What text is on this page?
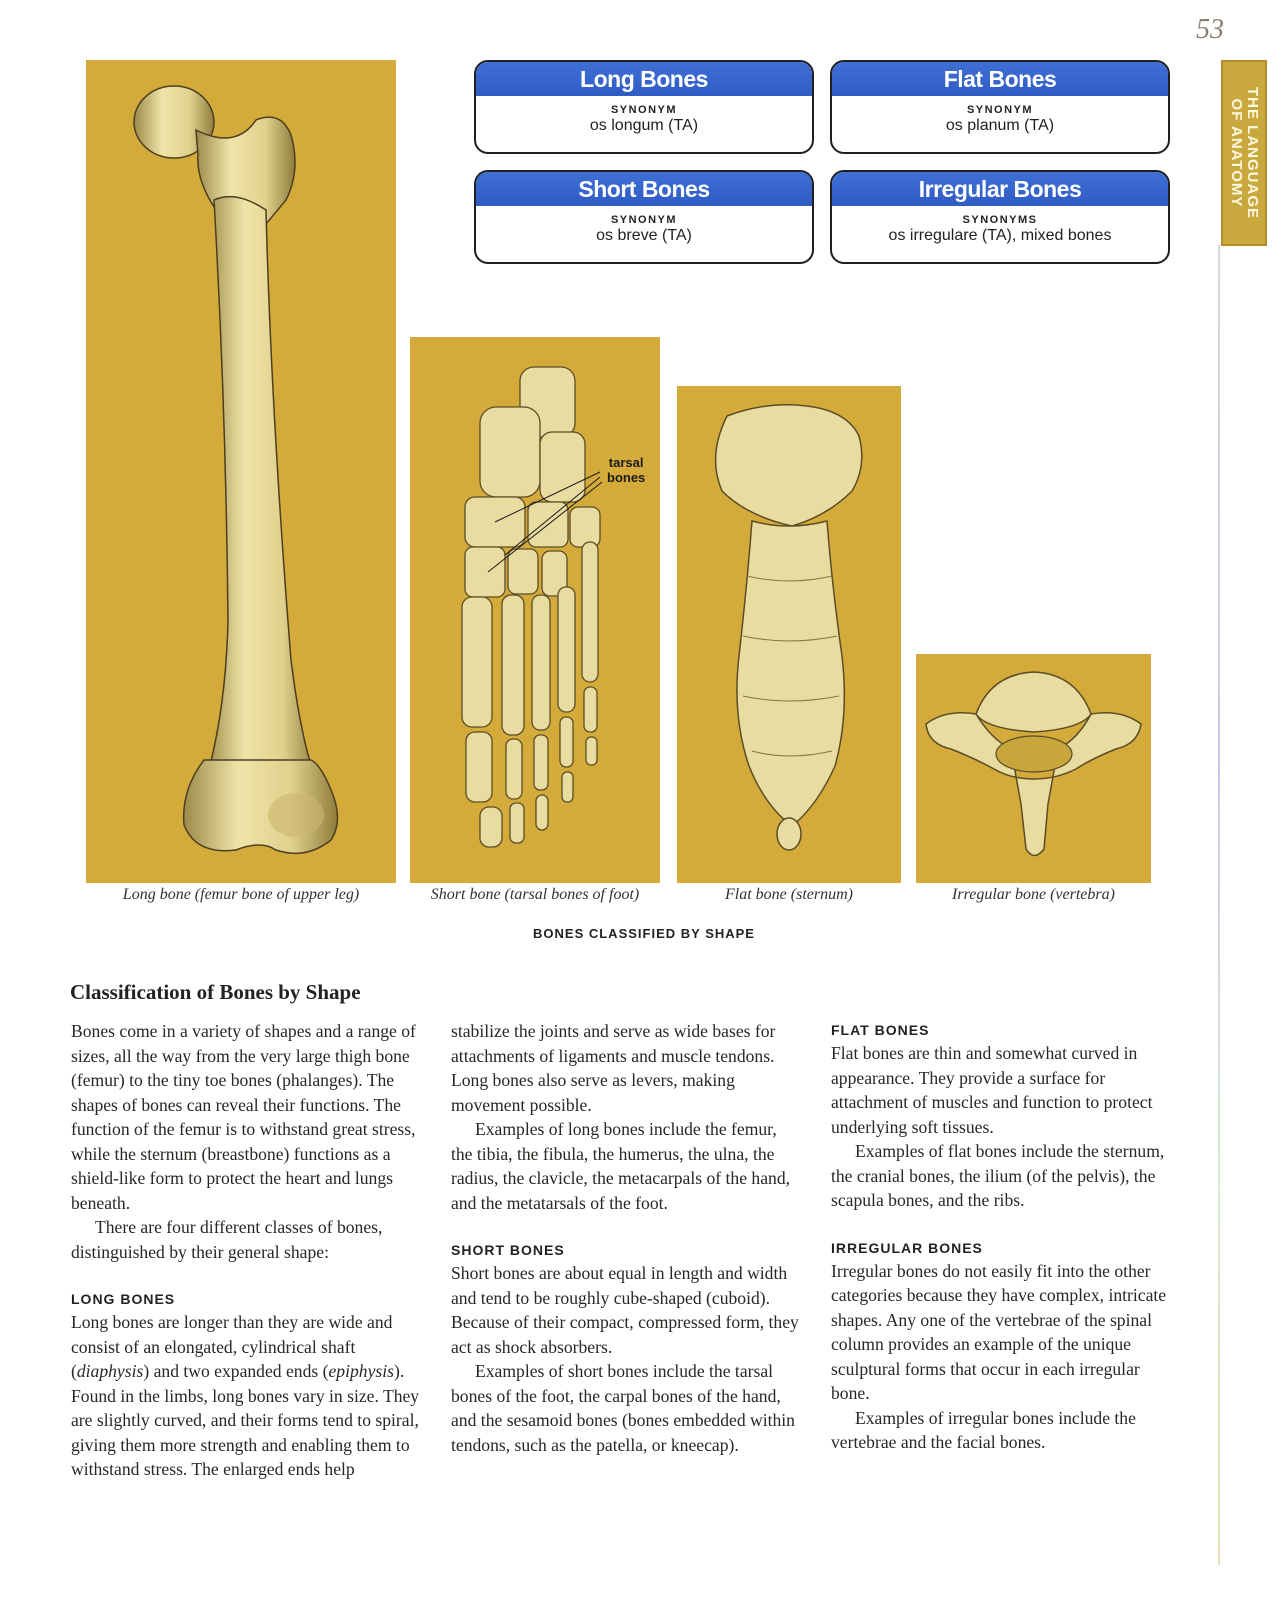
53
THE LANGUAGE
OF ANATOMY
Long Bones
SYNONYM
os longum (TA)
Flat Bones
SYNONYM
os planum (TA)
Short Bones
SYNONYM
os breve (TA)
Irregular Bones
SYNONYMS
os irregulare (TA), mixed bones
tarsal
bones
Long bone (femur bone of upper leg)	Short bone (tarsal bones of foot)	Flat bone (sternum)	Irregular bone (vertebra)
BONES CLASSIFIED BY SHAPE
Classification of Bones by Shape

Bones come in a variety of shapes and a range of sizes, all the way from the very large thigh bone (femur) to the tiny toe bones (phalanges). The shapes of bones can reveal their functions. The function of the femur is to withstand great stress, while the sternum (breastbone) functions as a shield-like form to protect the heart and lungs beneath.

There are four different classes of bones, distinguished by their general shape:

LONG BONES

Long bones are longer than they are wide and consist of an elongated, cylindrical shaft (diaphysis) and two expanded ends (epiphysis). Found in the limbs, long bones vary in size. They are slightly curved, and their forms tend to spiral, giving them more strength and enabling them to withstand stress. The enlarged ends help

stabilize the joints and serve as wide bases for attachments of ligaments and muscle tendons. Long bones also serve as levers, making movement possible.

Examples of long bones include the femur, the tibia, the fibula, the humerus, the ulna, the radius, the clavicle, the metacarpals of the hand, and the metatarsals of the foot.

SHORT BONES

Short bones are about equal in length and width and tend to be roughly cube-shaped (cuboid). Because of their compact, compressed form, they act as shock absorbers.

Examples of short bones include the tarsal bones of the foot, the carpal bones of the hand, and the sesamoid bones (bones embedded within tendons, such as the patella, or kneecap).

FLAT BONES

Flat bones are thin and somewhat curved in appearance. They provide a surface for attachment of muscles and function to protect underlying soft tissues.

Examples of flat bones include the sternum, the cranial bones, the ilium (of the pelvis), the scapula bones, and the ribs.

IRREGULAR BONES

Irregular bones do not easily fit into the other categories because they have complex, intricate shapes. Any one of the vertebrae of the spinal column provides an example of the unique sculptural forms that occur in each irregular bone.

Examples of irregular bones include the vertebrae and the facial bones.
